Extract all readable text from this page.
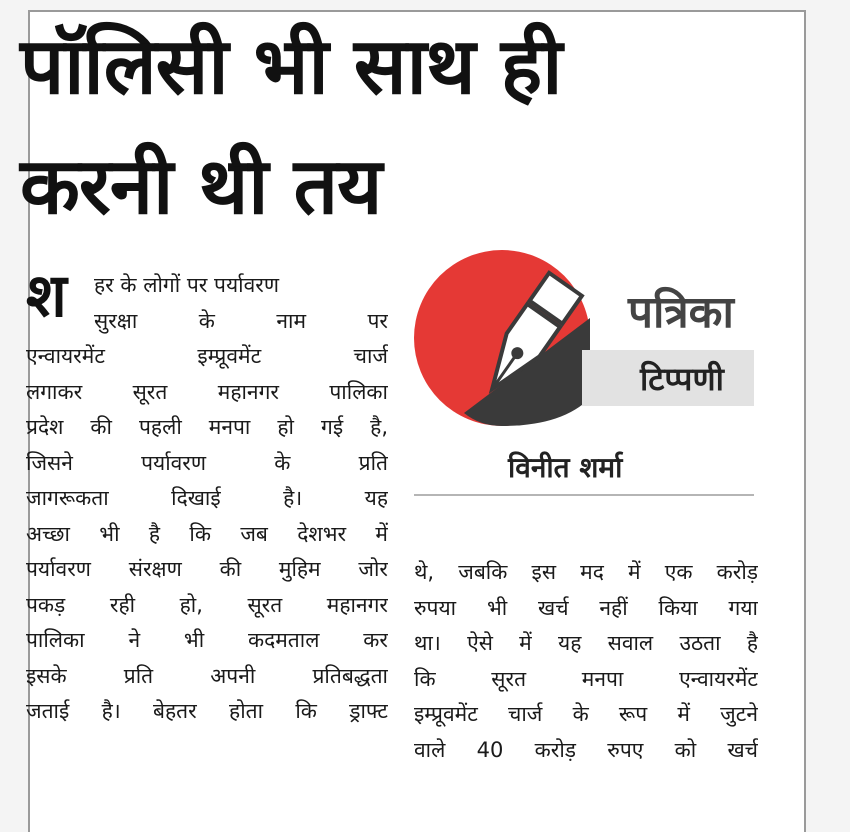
पॉलिसी भी साथ ही
करनी थी तय
श	हर के लोगों पर पर्यावरण
सुरक्षा के नाम पर
एन्वायरमेंट इम्प्रूवमेंट चार्ज
लगाकर सूरत महानगर पालिका
प्रदेश की पहली मनपा हो गई है,
जिसने पर्यावरण के प्रति
जागरूकता दिखाई है। यह
अच्छा भी है कि जब देशभर में
पर्यावरण संरक्षण की मुहिम जोर
पकड़ रही हो, सूरत महानगर
पालिका ने भी कदमताल कर
इसके प्रति अपनी प्रतिबद्धता
जताई है। बेहतर होता कि ड्राफ्ट
पत्रिका
टिप्पणी
विनीत शर्मा
थे, जबकि इस मद में एक करोड़
रुपया भी खर्च नहीं किया गया
था। ऐसे में यह सवाल उठता है
कि सूरत मनपा एन्वायरमेंट
इम्प्रूवमेंट चार्ज के रूप में जुटने
वाले 40 करोड़ रुपए को खर्च
